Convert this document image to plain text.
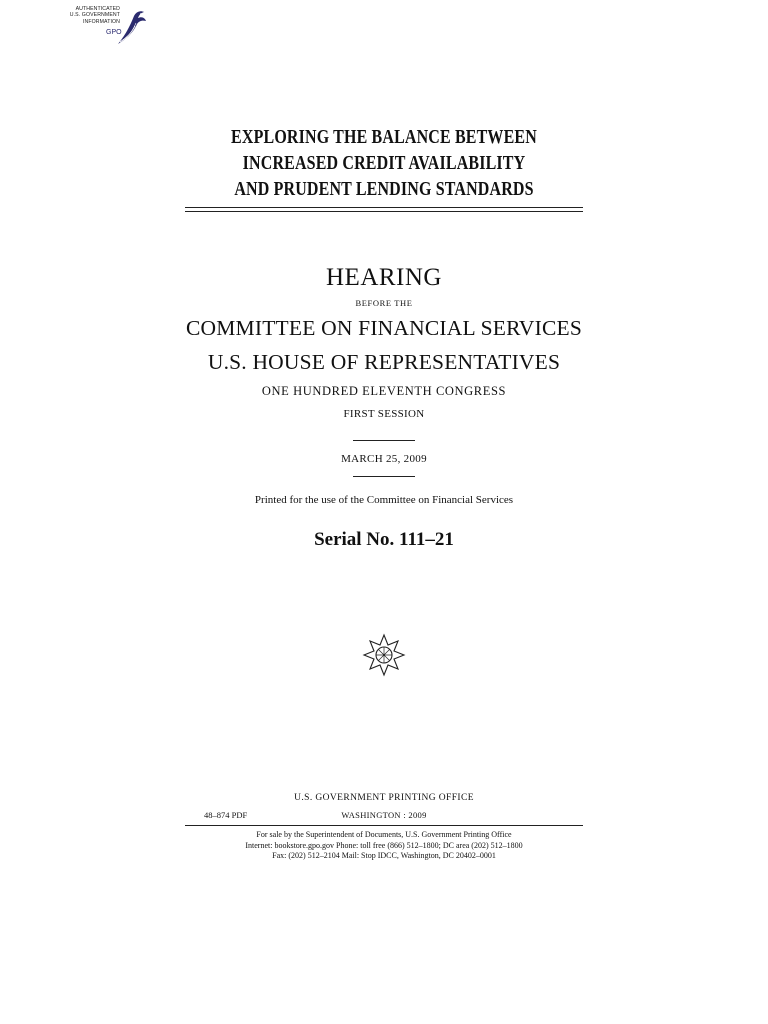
AUTHENTICATED
U.S. GOVERNMENT
INFORMATION
GPO
EXPLORING THE BALANCE BETWEEN
INCREASED CREDIT AVAILABILITY
AND PRUDENT LENDING STANDARDS
HEARING
BEFORE THE
COMMITTEE ON FINANCIAL SERVICES
U.S. HOUSE OF REPRESENTATIVES
ONE HUNDRED ELEVENTH CONGRESS
FIRST SESSION
MARCH 25, 2009
Printed for the use of the Committee on Financial Services
Serial No. 111–21
U.S. GOVERNMENT PRINTING OFFICE
48–874 PDF	WASHINGTON : 2009
For sale by the Superintendent of Documents, U.S. Government Printing Office
Internet: bookstore.gpo.gov Phone: toll free (866) 512–1800; DC area (202) 512–1800
Fax: (202) 512–2104 Mail: Stop IDCC, Washington, DC 20402–0001
